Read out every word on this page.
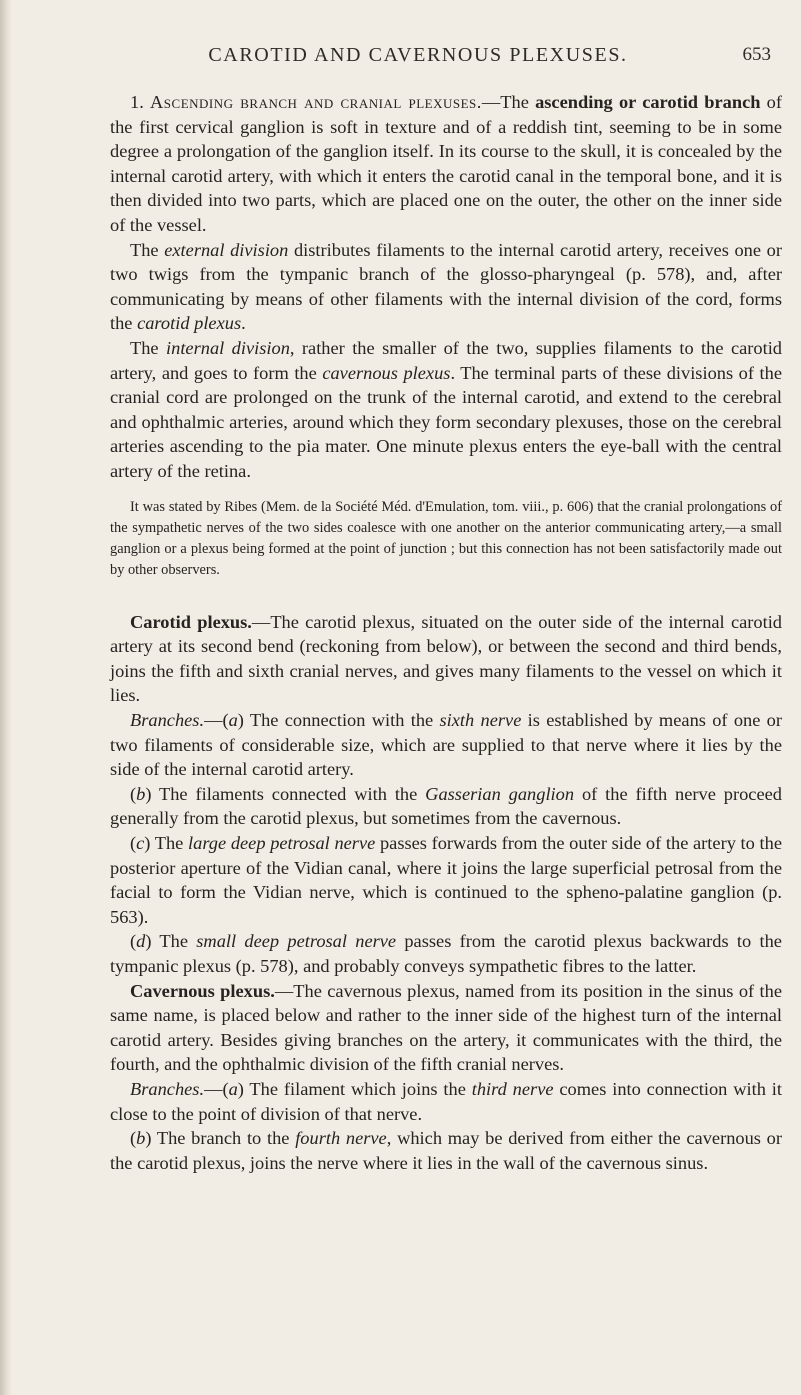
CAROTID AND CAVERNOUS PLEXUSES.	653

1. Ascending branch and cranial plexuses.—The ascending or carotid branch of the first cervical ganglion is soft in texture and of a reddish tint, seeming to be in some degree a prolongation of the ganglion itself. In its course to the skull, it is concealed by the internal carotid artery, with which it enters the carotid canal in the temporal bone, and it is then divided into two parts, which are placed one on the outer, the other on the inner side of the vessel.

The external division distributes filaments to the internal carotid artery, receives one or two twigs from the tympanic branch of the glosso-pharyngeal (p. 578), and, after communicating by means of other filaments with the internal division of the cord, forms the carotid plexus.

The internal division, rather the smaller of the two, supplies filaments to the carotid artery, and goes to form the cavernous plexus. The terminal parts of these divisions of the cranial cord are prolonged on the trunk of the internal carotid, and extend to the cerebral and ophthalmic arteries, around which they form secondary plexuses, those on the cerebral arteries ascending to the pia mater. One minute plexus enters the eye-ball with the central artery of the retina.

It was stated by Ribes (Mem. de la Société Méd. d'Emulation, tom. viii., p. 606) that the cranial prolongations of the sympathetic nerves of the two sides coalesce with one another on the anterior communicating artery,—a small ganglion or a plexus being formed at the point of junction ; but this connection has not been satisfactorily made out by other observers.

Carotid plexus.—The carotid plexus, situated on the outer side of the internal carotid artery at its second bend (reckoning from below), or between the second and third bends, joins the fifth and sixth cranial nerves, and gives many filaments to the vessel on which it lies.

Branches.—(a) The connection with the sixth nerve is established by means of one or two filaments of considerable size, which are supplied to that nerve where it lies by the side of the internal carotid artery.

(b) The filaments connected with the Gasserian ganglion of the fifth nerve proceed generally from the carotid plexus, but sometimes from the cavernous.

(c) The large deep petrosal nerve passes forwards from the outer side of the artery to the posterior aperture of the Vidian canal, where it joins the large superficial petrosal from the facial to form the Vidian nerve, which is continued to the spheno-palatine ganglion (p. 563).

(d) The small deep petrosal nerve passes from the carotid plexus backwards to the tympanic plexus (p. 578), and probably conveys sympathetic fibres to the latter.

Cavernous plexus.—The cavernous plexus, named from its position in the sinus of the same name, is placed below and rather to the inner side of the highest turn of the internal carotid artery. Besides giving branches on the artery, it communicates with the third, the fourth, and the ophthalmic division of the fifth cranial nerves.

Branches.—(a) The filament which joins the third nerve comes into connection with it close to the point of division of that nerve.

(b) The branch to the fourth nerve, which may be derived from either the cavernous or the carotid plexus, joins the nerve where it lies in the wall of the cavernous sinus.
